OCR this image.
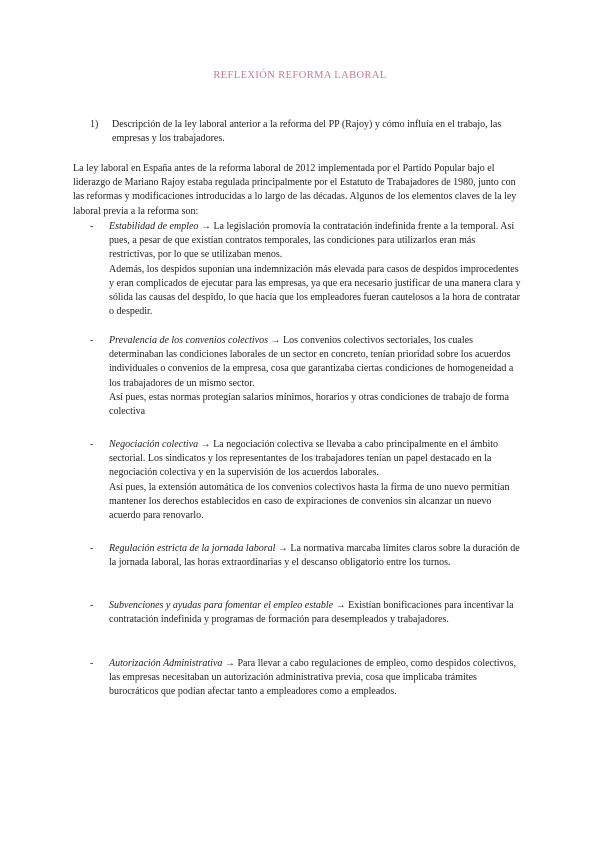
REFLEXIÓN REFORMA LABORAL
1) Descripción de la ley laboral anterior a la reforma del PP (Rajoy) y cómo influía en el trabajo, las empresas y los trabajadores.
La ley laboral en España antes de la reforma laboral de 2012 implementada por el Partido Popular bajo el liderazgo de Mariano Rajoy estaba regulada principalmente por el Estatuto de Trabajadores de 1980, junto con las reformas y modificaciones introducidas a lo largo de las décadas. Algunos de los elementos claves de la ley laboral previa a la reforma son:
- Estabilidad de empleo → La legislación promovía la contratación indefinida frente a la temporal. Así pues, a pesar de que existían contratos temporales, las condiciones para utilizarlos eran más restrictivas, por lo que se utilizaban menos.

Además, los despidos suponían una indemnización más elevada para casos de despidos improcedentes y eran complicados de ejecutar para las empresas, ya que era necesario justificar de una manera clara y sólida las causas del despido, lo que hacía que los empleadores fueran cautelosos a la hora de contratar o despedir.

- Prevalencia de los convenios colectivos → Los convenios colectivos sectoriales, los cuales determinaban las condiciones laborales de un sector en concreto, tenían prioridad sobre los acuerdos individuales o convenios de la empresa, cosa que garantizaba ciertas condiciones de homogeneidad a los trabajadores de un mismo sector.

Así pues, estas normas protegían salarios mínimos, horarios y otras condiciones de trabajo de forma colectiva

- Negociación colectiva → La negociación colectiva se llevaba a cabo principalmente en el ámbito sectorial. Los sindicatos y los representantes de los trabajadores tenían un papel destacado en la negociación colectiva y en la supervisión de los acuerdos laborales.

Así pues, la extensión automática de los convenios colectivos hasta la firma de uno nuevo permitían mantener los derechos establecidos en caso de expiraciones de convenios sin alcanzar un nuevo acuerdo para renovarlo.

- Regulación estricta de la jornada laboral → La normativa marcaba límites claros sobre la duración de la jornada laboral, las horas extraordinarias y el descanso obligatorio entre los turnos.

- Subvenciones y ayudas para fomentar el empleo estable → Existían bonificaciones para incentivar la contratación indefinida y programas de formación para desempleados y trabajadores.

- Autorización Administrativa → Para llevar a cabo regulaciones de empleo, como despidos colectivos, las empresas necesitaban un autorización administrativa previa, cosa que implicaba trámites burocráticos que podían afectar tanto a empleadores como a empleados.
